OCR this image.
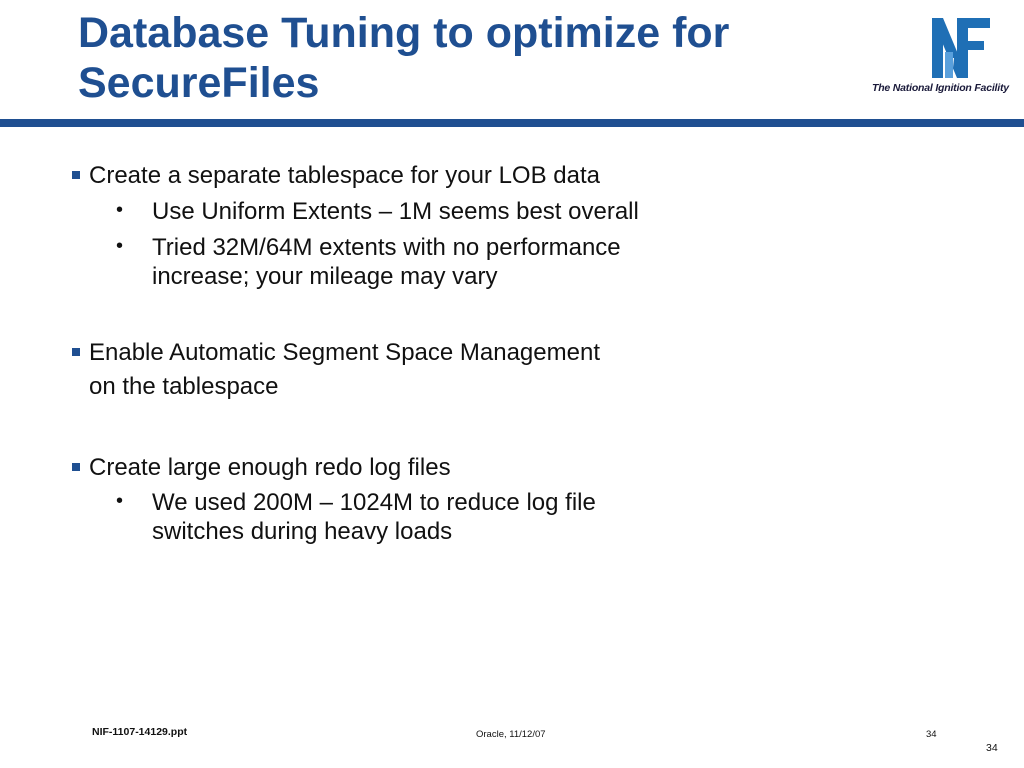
Database Tuning to optimize for
SecureFiles	The National Ignition Facility
Create a separate tablespace for your LOB data
• Use Uniform Extents – 1M seems best overall
• Tried 32M/64M extents with no performance
increase; your mileage may vary
Enable Automatic Segment Space Management
on the tablespace
Create large enough redo log files
• We used 200M – 1024M to reduce log file
switches during heavy loads
NIF-1107-14129.ppt	Oracle, 11/12/07	34
34
